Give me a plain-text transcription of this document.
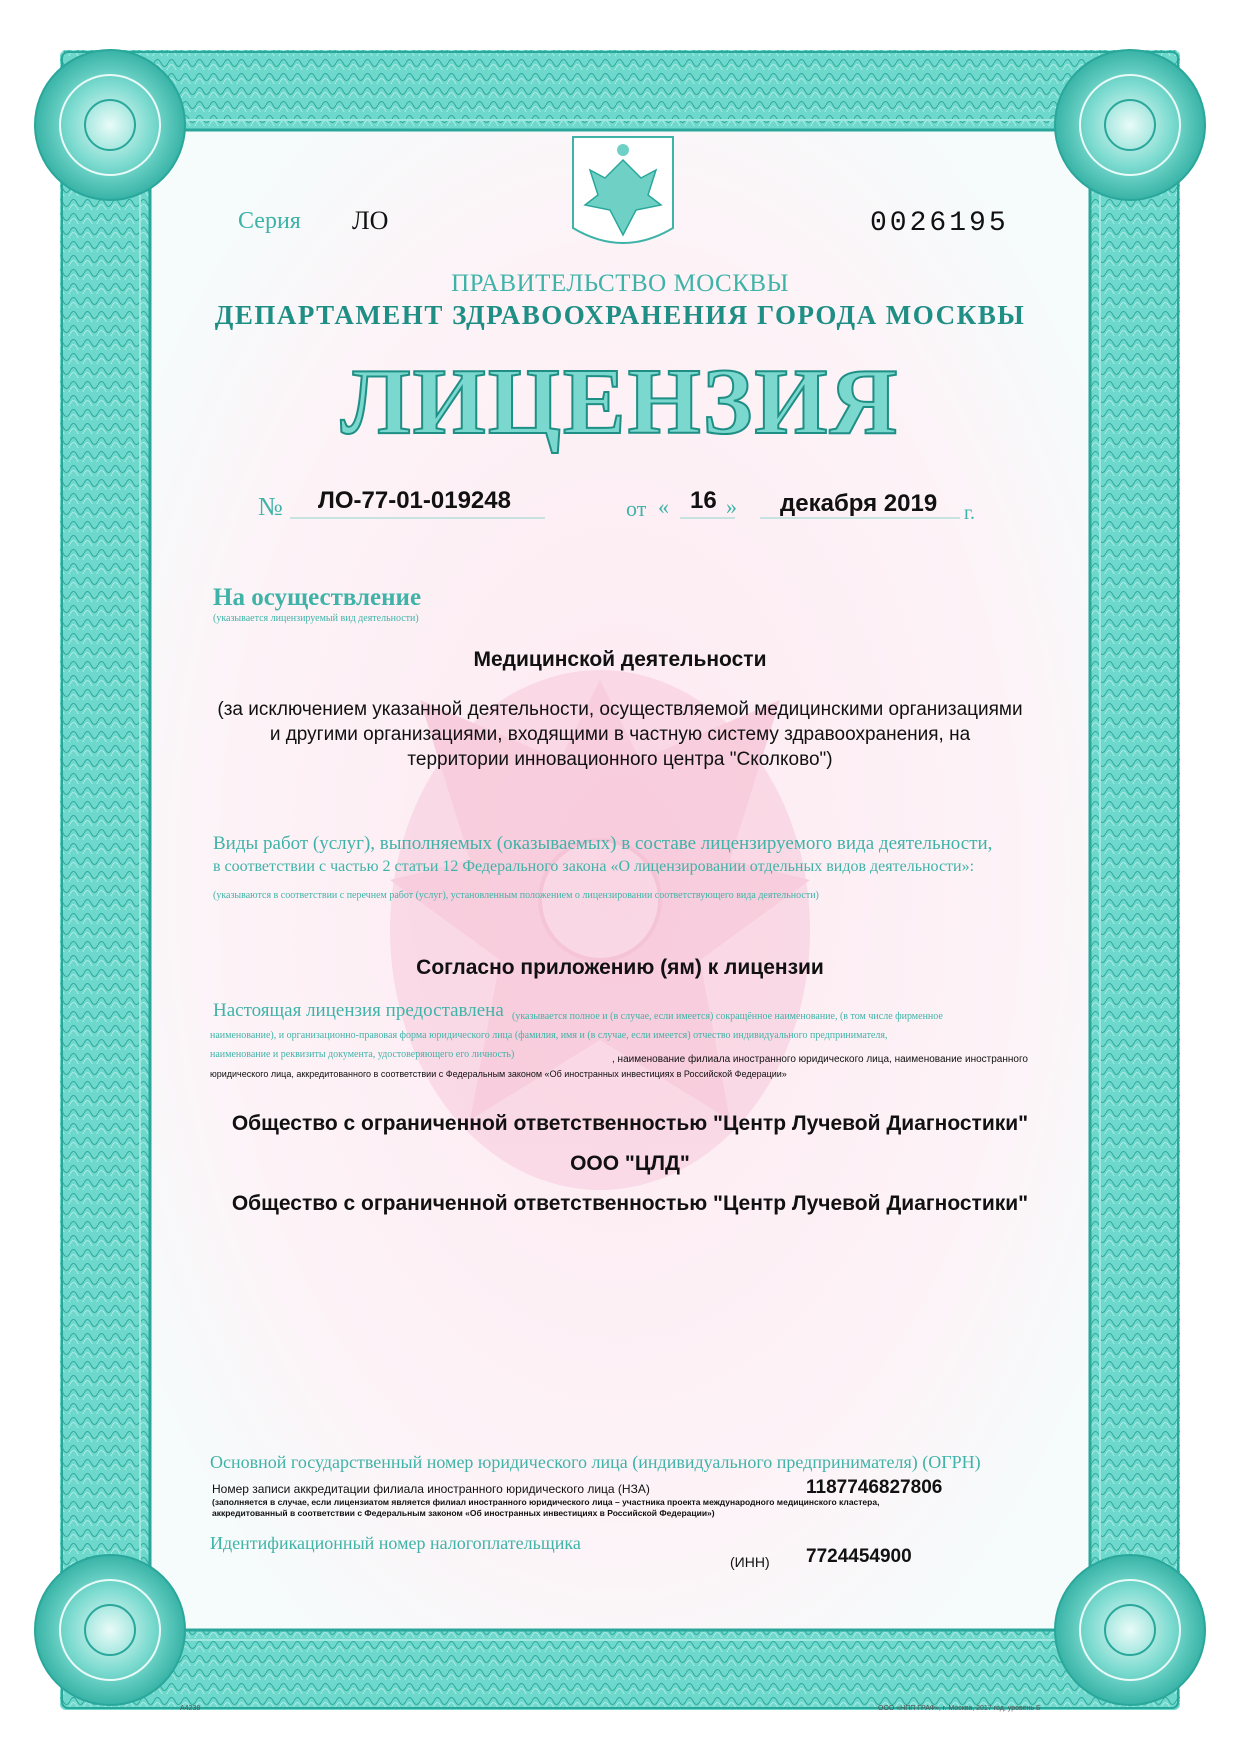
Серия ЛО	0026195
ПРАВИТЕЛЬСТВО МОСКВЫ
ДЕПАРТАМЕНТ ЗДРАВООХРАНЕНИЯ ГОРОДА МОСКВЫ
ЛИЦЕНЗИЯ
№ ЛО-77-01-019248	от « 16 » декабря 2019 г.
На осуществление
(указывается лицензируемый вид деятельности)
Медицинской деятельности
(за исключением указанной деятельности, осуществляемой медицинскими организациями
и другими организациями, входящими в частную систему здравоохранения, на
территории инновационного центра "Сколково")
Виды работ (услуг), выполняемых (оказываемых) в составе лицензируемого вида деятельности,
в соответствии с частью 2 статьи 12 Федерального закона «О лицензировании отдельных видов деятельности»:
(указываются в соответствии с перечнем работ (услуг), установленным положением о лицензировании соответствующего вида деятельности)
Согласно приложению (ям) к лицензии
Настоящая лицензия предоставлена (указывается полное и (в случае, если имеется) сокращённое наименование, (в том числе фирменное
наименование), и организационно-правовая форма юридического лица (фамилия, имя и (в случае, если имеется) отчество индивидуального предпринимателя,
наименование и реквизиты документа, удостоверяющего его личность)	, наименование филиала иностранного юридического лица, наименование иностранного
юридического лица, аккредитованного в соответствии с Федеральным законом «Об иностранных инвестициях в Российской Федерации»
Общество с ограниченной ответственностью "Центр Лучевой Диагностики"
ООО "ЦЛД"
Общество с ограниченной ответственностью "Центр Лучевой Диагностики"
Основной государственный номер юридического лица (индивидуального предпринимателя) (ОГРН)
Номер записи аккредитации филиала иностранного юридического лица (НЗА)	1187746827806
(заполняется в случае, если лицензиатом является филиал иностранного юридического лица – участника проекта международного медицинского кластера,
аккредитованный в соответствии с Федеральным законом «Об иностранных инвестициях в Российской Федерации»)
Идентификационный номер налогоплательщика
(ИНН) 7724454900
А4238	ООО «НПП ГРАФ», г. Москва, 2017 год, уровень Б
